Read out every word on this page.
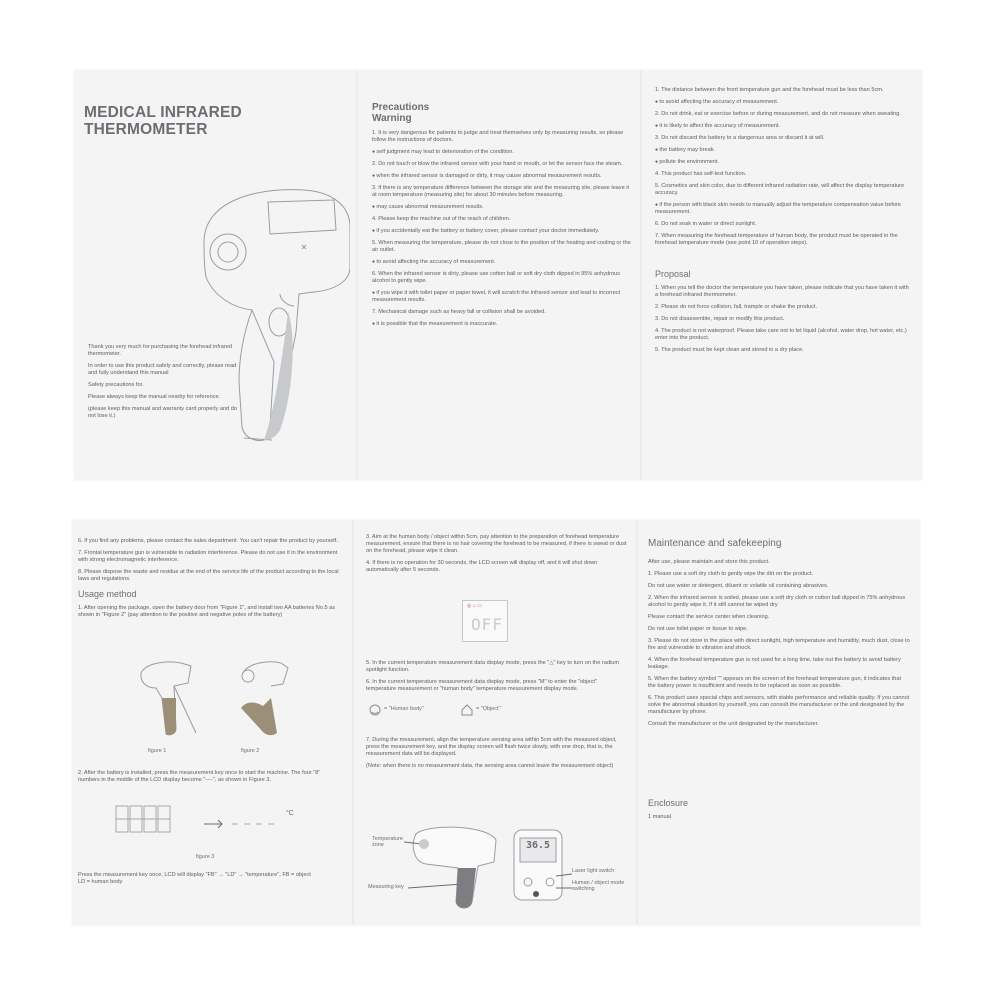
MEDICAL INFRARED
THERMOMETER

Thank you very much for purchasing the forehead infrared thermometer.

In order to use this product safely and correctly, please read and fully understand this manual

Safety precautions for.

Please always keep the manual nearby for reference.

(please keep this manual and warranty card properly and do not lose it.)

Precautions
Warning

1. It is very dangerous for patients to judge and treat themselves only by measuring results, so please follow the instructions of doctors.

● self judgment may lead to deterioration of the condition.

2. Do not touch or blow the infrared sensor with your hand or mouth, or let the sensor face the steam.

● when the infrared sensor is damaged or dirty, it may cause abnormal measurement results.

3. If there is any temperature difference between the storage site and the measuring site, please leave it at room temperature (measuring site) for about 30 minutes before measuring.

● may cause abnormal measurement results.

4. Please keep the machine out of the reach of children.

● if you accidentally eat the battery or battery cover, please contact your doctor immediately.

5. When measuring the temperature, please do not close to the position of the heating and cooling or the air outlet.

● to avoid affecting the accuracy of measurement.

6. When the infrared sensor is dirty, please use cotton ball or soft dry cloth dipped in 95% anhydrous alcohol to gently wipe.

● if you wipe it with toilet paper or paper towel, it will scratch the infrared sensor and lead to incorrect measurement results.

7. Mechanical damage such as heavy fall or collision shall be avoided.

● it is possible that the measurement is inaccurate.

1. The distance between the front temperature gun and the forehead must be less than 5cm.

● to avoid affecting the accuracy of measurement.

2. Do not drink, eat or exercise before or during measurement, and do not measure when sweating.

● it is likely to affect the accuracy of measurement.

3. Do not discard the battery to a dangerous area or discard it at will.

● the battery may break.

● pollute the environment.

4. This product has self-test function.

5. Cosmetics and skin color, due to different infrared radiation rate, will affect the display temperature accuracy.

● if the person with black skin needs to manually adjust the temperature compensation value before measurement.

6. Do not soak in water or direct sunlight.

7. When measuring the forehead temperature of human body, the product must be operated in the forehead temperature mode (see point 10 of operation steps).

Proposal

1. When you tell the doctor the temperature you have taken, please indicate that you have taken it with a forehead infrared thermometer.

2. Please do not force collision, fall, trample or shake the product.

3. Do not disassemble, repair or modify this product.

4. The product is not waterproof. Please take care not to let liquid (alcohol, water drop, hot water, etc.) enter into the product.

5. The product must be kept clean and stored in a dry place.

6. If you find any problems, please contact the sales department. You can't repair the product by yourself.

7. Frontal temperature gun is vulnerable to radiation interference. Please do not use it in the environment with strong electromagnetic interference.

8. Please dispose the waste and residue at the end of the service life of the product according to the local laws and regulations.

Usage method

1. After opening the package, open the battery door from "Figure 1", and install two AA batteries No.5 as shown in "Figure 2" (pay attention to the positive and negative poles of the battery)

figure 1	figure 2

2. After the battery is installed, press the measurement key once to start the machine. The four "8" numbers in the middle of the LCD display become "----", as shown in Figure 3.

°C
figure 3

Press the measurement key once, LCD will display "FB" → "LD" → "temperature", FB = object LD = human body

3. Aim at the human body / object within 5cm, pay attention to the preparation of forehead temperature measurement, ensure that there is no hair covering the forehead to be measured, if there is sweat or dust on the forehead, please wipe it clean.

4. If there is no operation for 30 seconds, the LCD screen will display off, and it will shut down automatically after 5 seconds.

◎ ⌂ ▭
OFF

5. In the current temperature measurement data display mode, press the "△" key to turn on the radium spotlight function.

6. In the current temperature measurement data display mode, press "M" to enter the "object" temperature measurement or "human body" temperature measurement display mode.

= "Human body"	= "Object"

7. During the measurement, align the temperature sensing area within 5cm with the measured object, press the measurement key, and the display screen will flash twice slowly, with one drop, that is, the measurement data will be displayed.

(Note: when there is no measurement data, the sensing area cannot leave the measurement object)

Temperature zone
Measuring key
36.5
Laser light switch
Human / object mode switching
Maintenance and safekeeping

After use, please maintain and store this product.

1. Please use a soft dry cloth to gently wipe the dirt on the product.

Do not use water or detergent, diluent or volatile oil containing abrasives.

2. When the infrared sensor is soiled, please use a soft dry cloth or cotton ball dipped in 75% anhydrous alcohol to gently wipe it. If it still cannot be wiped dry

Please contact the service center when cleaning.

Do not use toilet paper or tissue to wipe.

3. Please do not store in the place with direct sunlight, high temperature and humidity, much dust, close to fire and vulnerable to vibration and shock.

4. When the forehead temperature gun is not used for a long time, take out the battery to avoid battery leakage.

5. When the battery symbol "" appears on the screen of the forehead temperature gun, it indicates that the battery power is insufficient and needs to be replaced as soon as possible.

6. This product uses special chips and sensors, with stable performance and reliable quality. If you cannot solve the abnormal situation by yourself, you can consult the manufacturer or the unit designated by the manufacturer by phone.

Consult the manufacturer or the unit designated by the manufacturer.

Enclosure

1 manual
